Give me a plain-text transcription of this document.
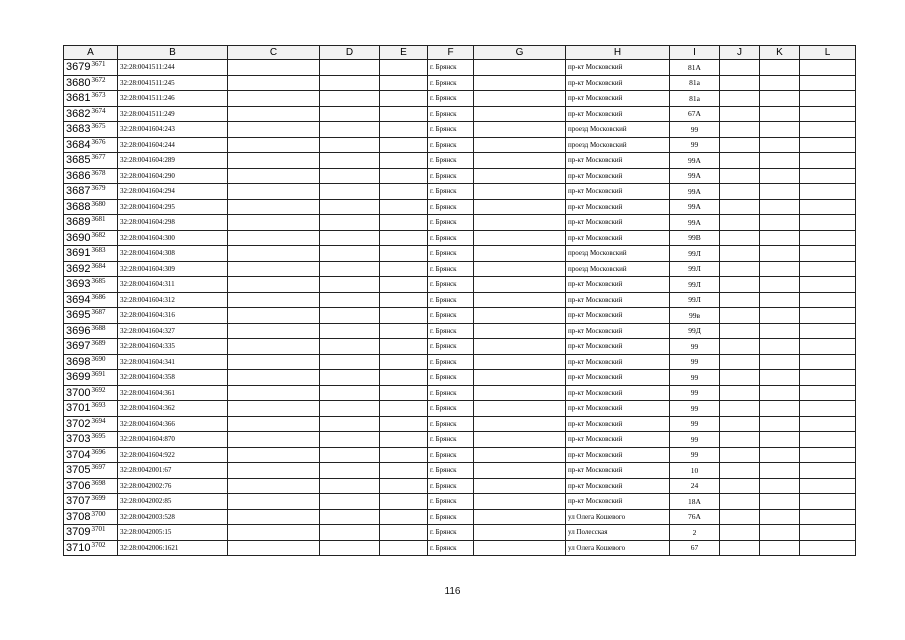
A	B	C	D	E	F	G	H	I	J	K	L
$3679^{3671}$	32:28:0041511:244				г. Брянск		пр-кт Московский	81А			
$3680^{3672}$	32:28:0041511:245				г. Брянск		пр-кт Московский	81а			
$3681^{3673}$	32:28:0041511:246				г. Брянск		пр-кт Московский	81а			
$3682^{3674}$	32:28:0041511:249				г. Брянск		пр-кт Московский	67А			
$3683^{3675}$	32:28:0041604:243				г. Брянск		проезд Московский	99			
$3684^{3676}$	32:28:0041604:244				г. Брянск		проезд Московский	99			
$3685^{3677}$	32:28:0041604:289				г. Брянск		пр-кт Московский	99А			
$3686^{3678}$	32:28:0041604:290				г. Брянск		пр-кт Московский	99А			
$3687^{3679}$	32:28:0041604:294				г. Брянск		пр-кт Московский	99А			
$3688^{3680}$	32:28:0041604:295				г. Брянск		пр-кт Московский	99А			
$3689^{3681}$	32:28:0041604:298				г. Брянск		пр-кт Московский	99А			
$3690^{3682}$	32:28:0041604:300				г. Брянск		пр-кт Московский	99В			
$3691^{3683}$	32:28:0041604:308				г. Брянск		проезд Московский	99Л			
$3692^{3684}$	32:28:0041604:309				г. Брянск		проезд Московский	99Л			
$3693^{3685}$	32:28:0041604:311				г. Брянск		пр-кт Московский	99Л			
$3694^{3686}$	32:28:0041604:312				г. Брянск		пр-кт Московский	99Л			
$3695^{3687}$	32:28:0041604:316				г. Брянск		пр-кт Московский	99в			
$3696^{3688}$	32:28:0041604:327				г. Брянск		пр-кт Московский	99Д			
$3697^{3689}$	32:28:0041604:335				г. Брянск		пр-кт Московский	99			
$3698^{3690}$	32:28:0041604:341				г. Брянск		пр-кт Московский	99			
$3699^{3691}$	32:28:0041604:358				г. Брянск		пр-кт Московский	99			
$3700^{3692}$	32:28:0041604:361				г. Брянск		пр-кт Московский	99			
$3701^{3693}$	32:28:0041604:362				г. Брянск		пр-кт Московский	99			
$3702^{3694}$	32:28:0041604:366				г. Брянск		пр-кт Московский	99			
$3703^{3695}$	32:28:0041604:870				г. Брянск		пр-кт Московский	99			
$3704^{3696}$	32:28:0041604:922				г. Брянск		пр-кт Московский	99			
$3705^{3697}$	32:28:0042001:67				г. Брянск		пр-кт Московский	10			
$3706^{3698}$	32:28:0042002:76				г. Брянск		пр-кт Московский	24			
$3707^{3699}$	32:28:0042002:85				г. Брянск		пр-кт Московский	18А			
$3708^{3700}$	32:28:0042003:528				г. Брянск		ул Олега Кошевого	76А			
$3709^{3701}$	32:28:0042005:15				г. Брянск		ул Полесская	2			
$3710^{3702}$	32:28:0042006:1621				г. Брянск		ул Олега Кошевого	67			
116
